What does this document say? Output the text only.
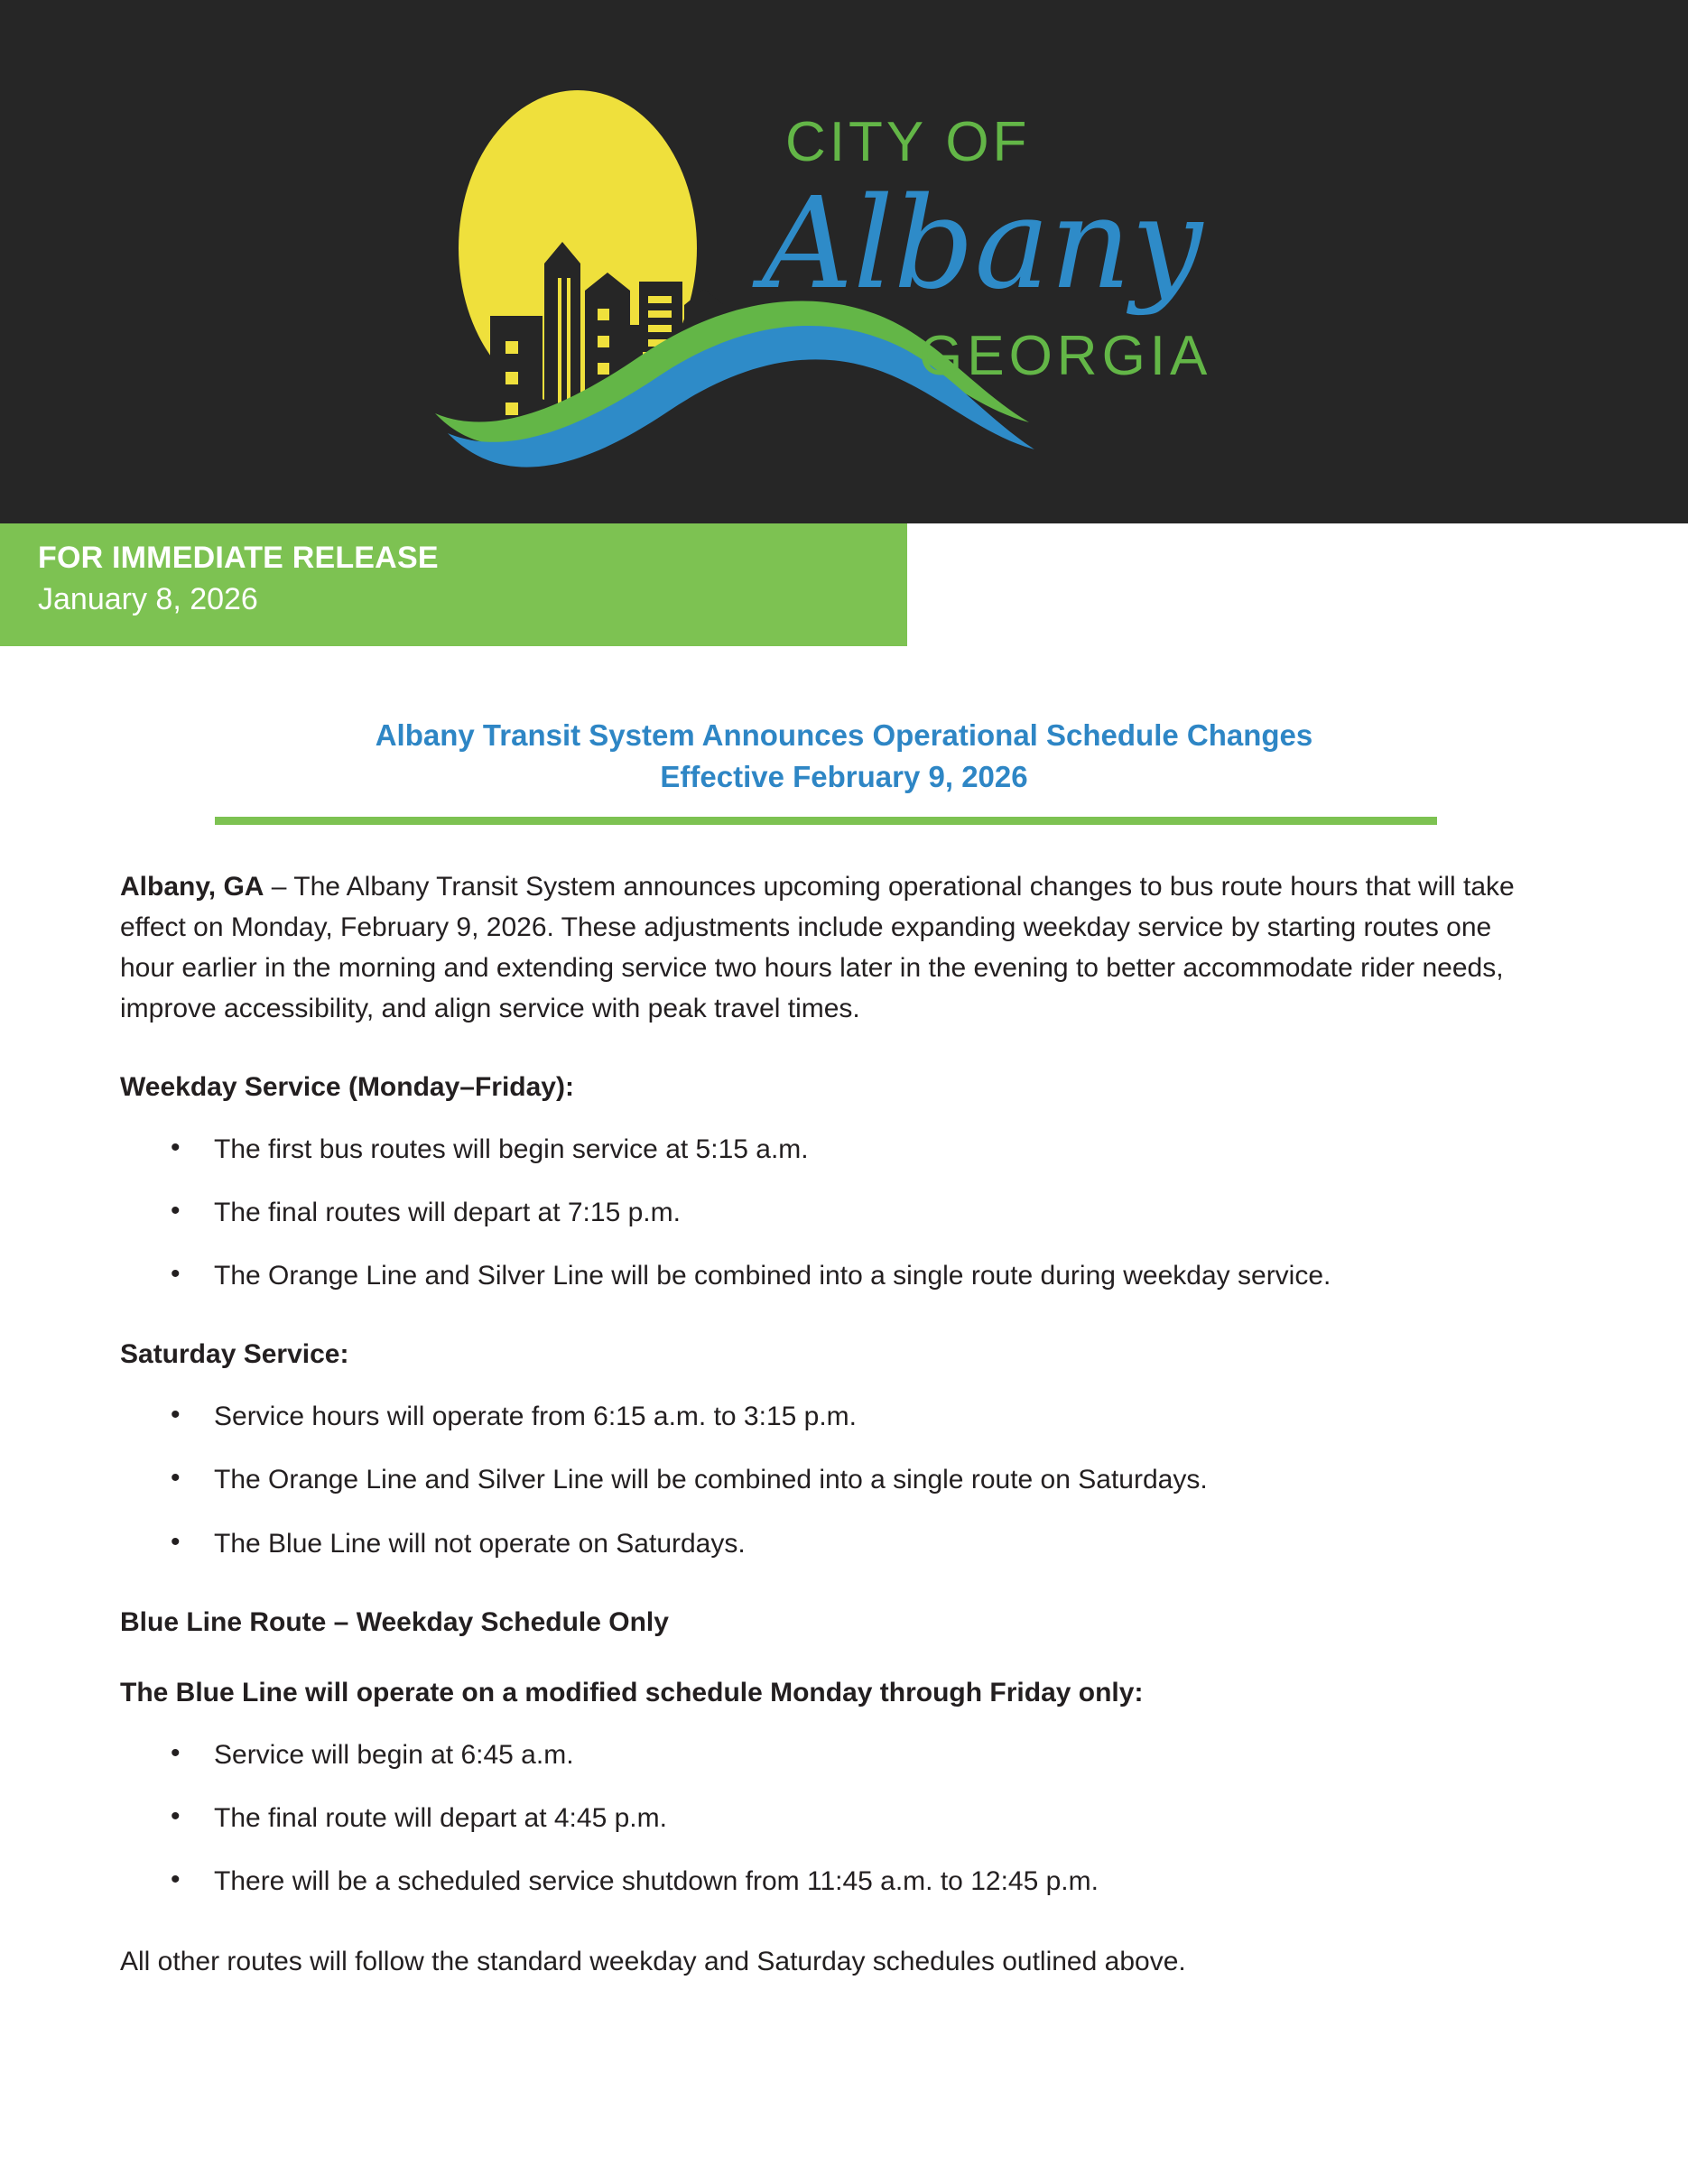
CITY OF
Albany
GEORGIA
FOR IMMEDIATE RELEASE
January 8, 2026
Albany Transit System Announces Operational Schedule Changes
Effective February 9, 2026

Albany, GA – The Albany Transit System announces upcoming operational changes to bus route hours that will take effect on Monday, February 9, 2026. These adjustments include expanding weekday service by starting routes one hour earlier in the morning and extending service two hours later in the evening to better accommodate rider needs, improve accessibility, and align service with peak travel times.

Weekday Service (Monday–Friday):
• The first bus routes will begin service at 5:15 a.m.
• The final routes will depart at 7:15 p.m.
• The Orange Line and Silver Line will be combined into a single route during weekday service.
Saturday Service:
• Service hours will operate from 6:15 a.m. to 3:15 p.m.
• The Orange Line and Silver Line will be combined into a single route on Saturdays.
• The Blue Line will not operate on Saturdays.
Blue Line Route – Weekday Schedule Only
The Blue Line will operate on a modified schedule Monday through Friday only:
• Service will begin at 6:45 a.m.
• The final route will depart at 4:45 p.m.
• There will be a scheduled service shutdown from 11:45 a.m. to 12:45 p.m.

All other routes will follow the standard weekday and Saturday schedules outlined above.
